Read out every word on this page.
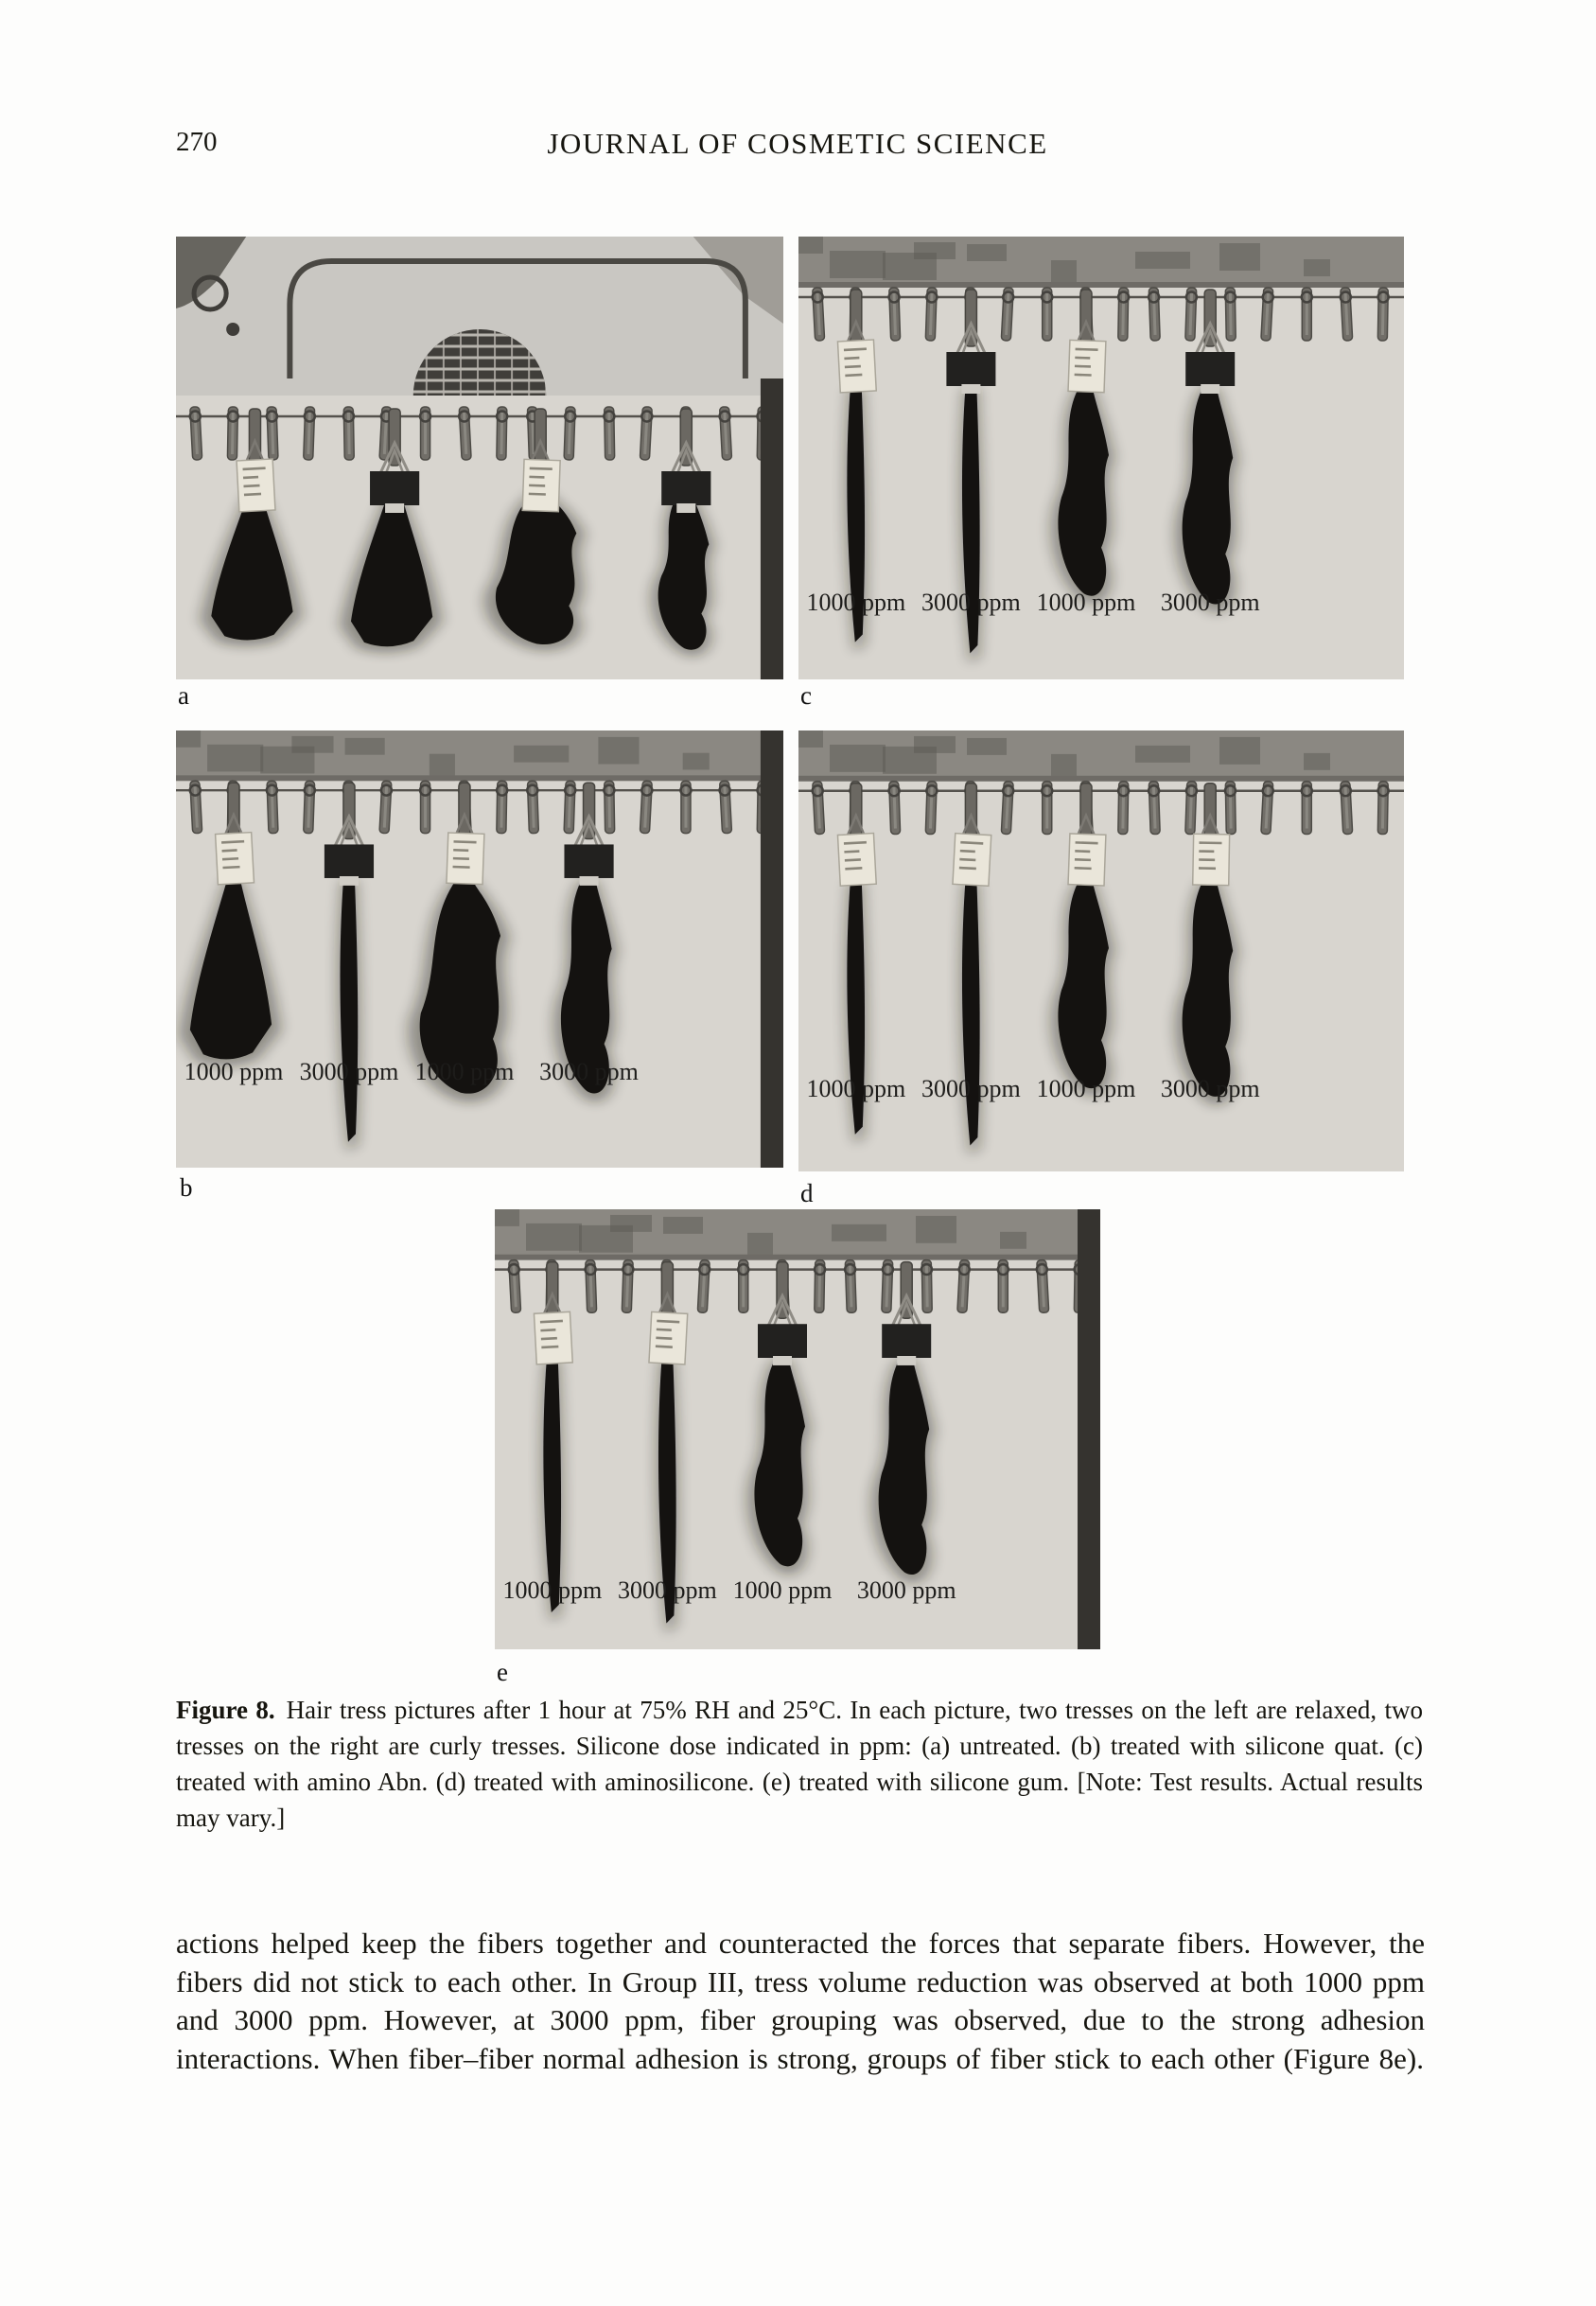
270	JOURNAL OF COSMETIC SCIENCE
a
1000 ppm 3000 ppm 1000 ppm	3000 ppm
c
1000 ppm 3000 ppm 1000 ppm	3000 ppm
b
1000 ppm 3000 ppm 1000 ppm	3000 ppm
d
1000 ppm 3000 ppm 1000 ppm	3000 ppm
e

Figure 8. Hair tress pictures after 1 hour at 75% RH and 25°C. In each picture, two tresses on the left are relaxed, two tresses on the right are curly tresses. Silicone dose indicated in ppm: (a) untreated. (b) treated with silicone quat. (c) treated with amino Abn. (d) treated with aminosilicone. (e) treated with silicone gum. [Note: Test results. Actual results may vary.]

actions helped keep the fibers together and counteracted the forces that separate fibers. However, the fibers did not stick to each other. In Group III, tress volume reduction was observed at both 1000 ppm and 3000 ppm. However, at 3000 ppm, fiber grouping was observed, due to the strong adhesion interactions. When fiber–fiber normal adhesion is strong, groups of fiber stick to each other (Figure 8e).
